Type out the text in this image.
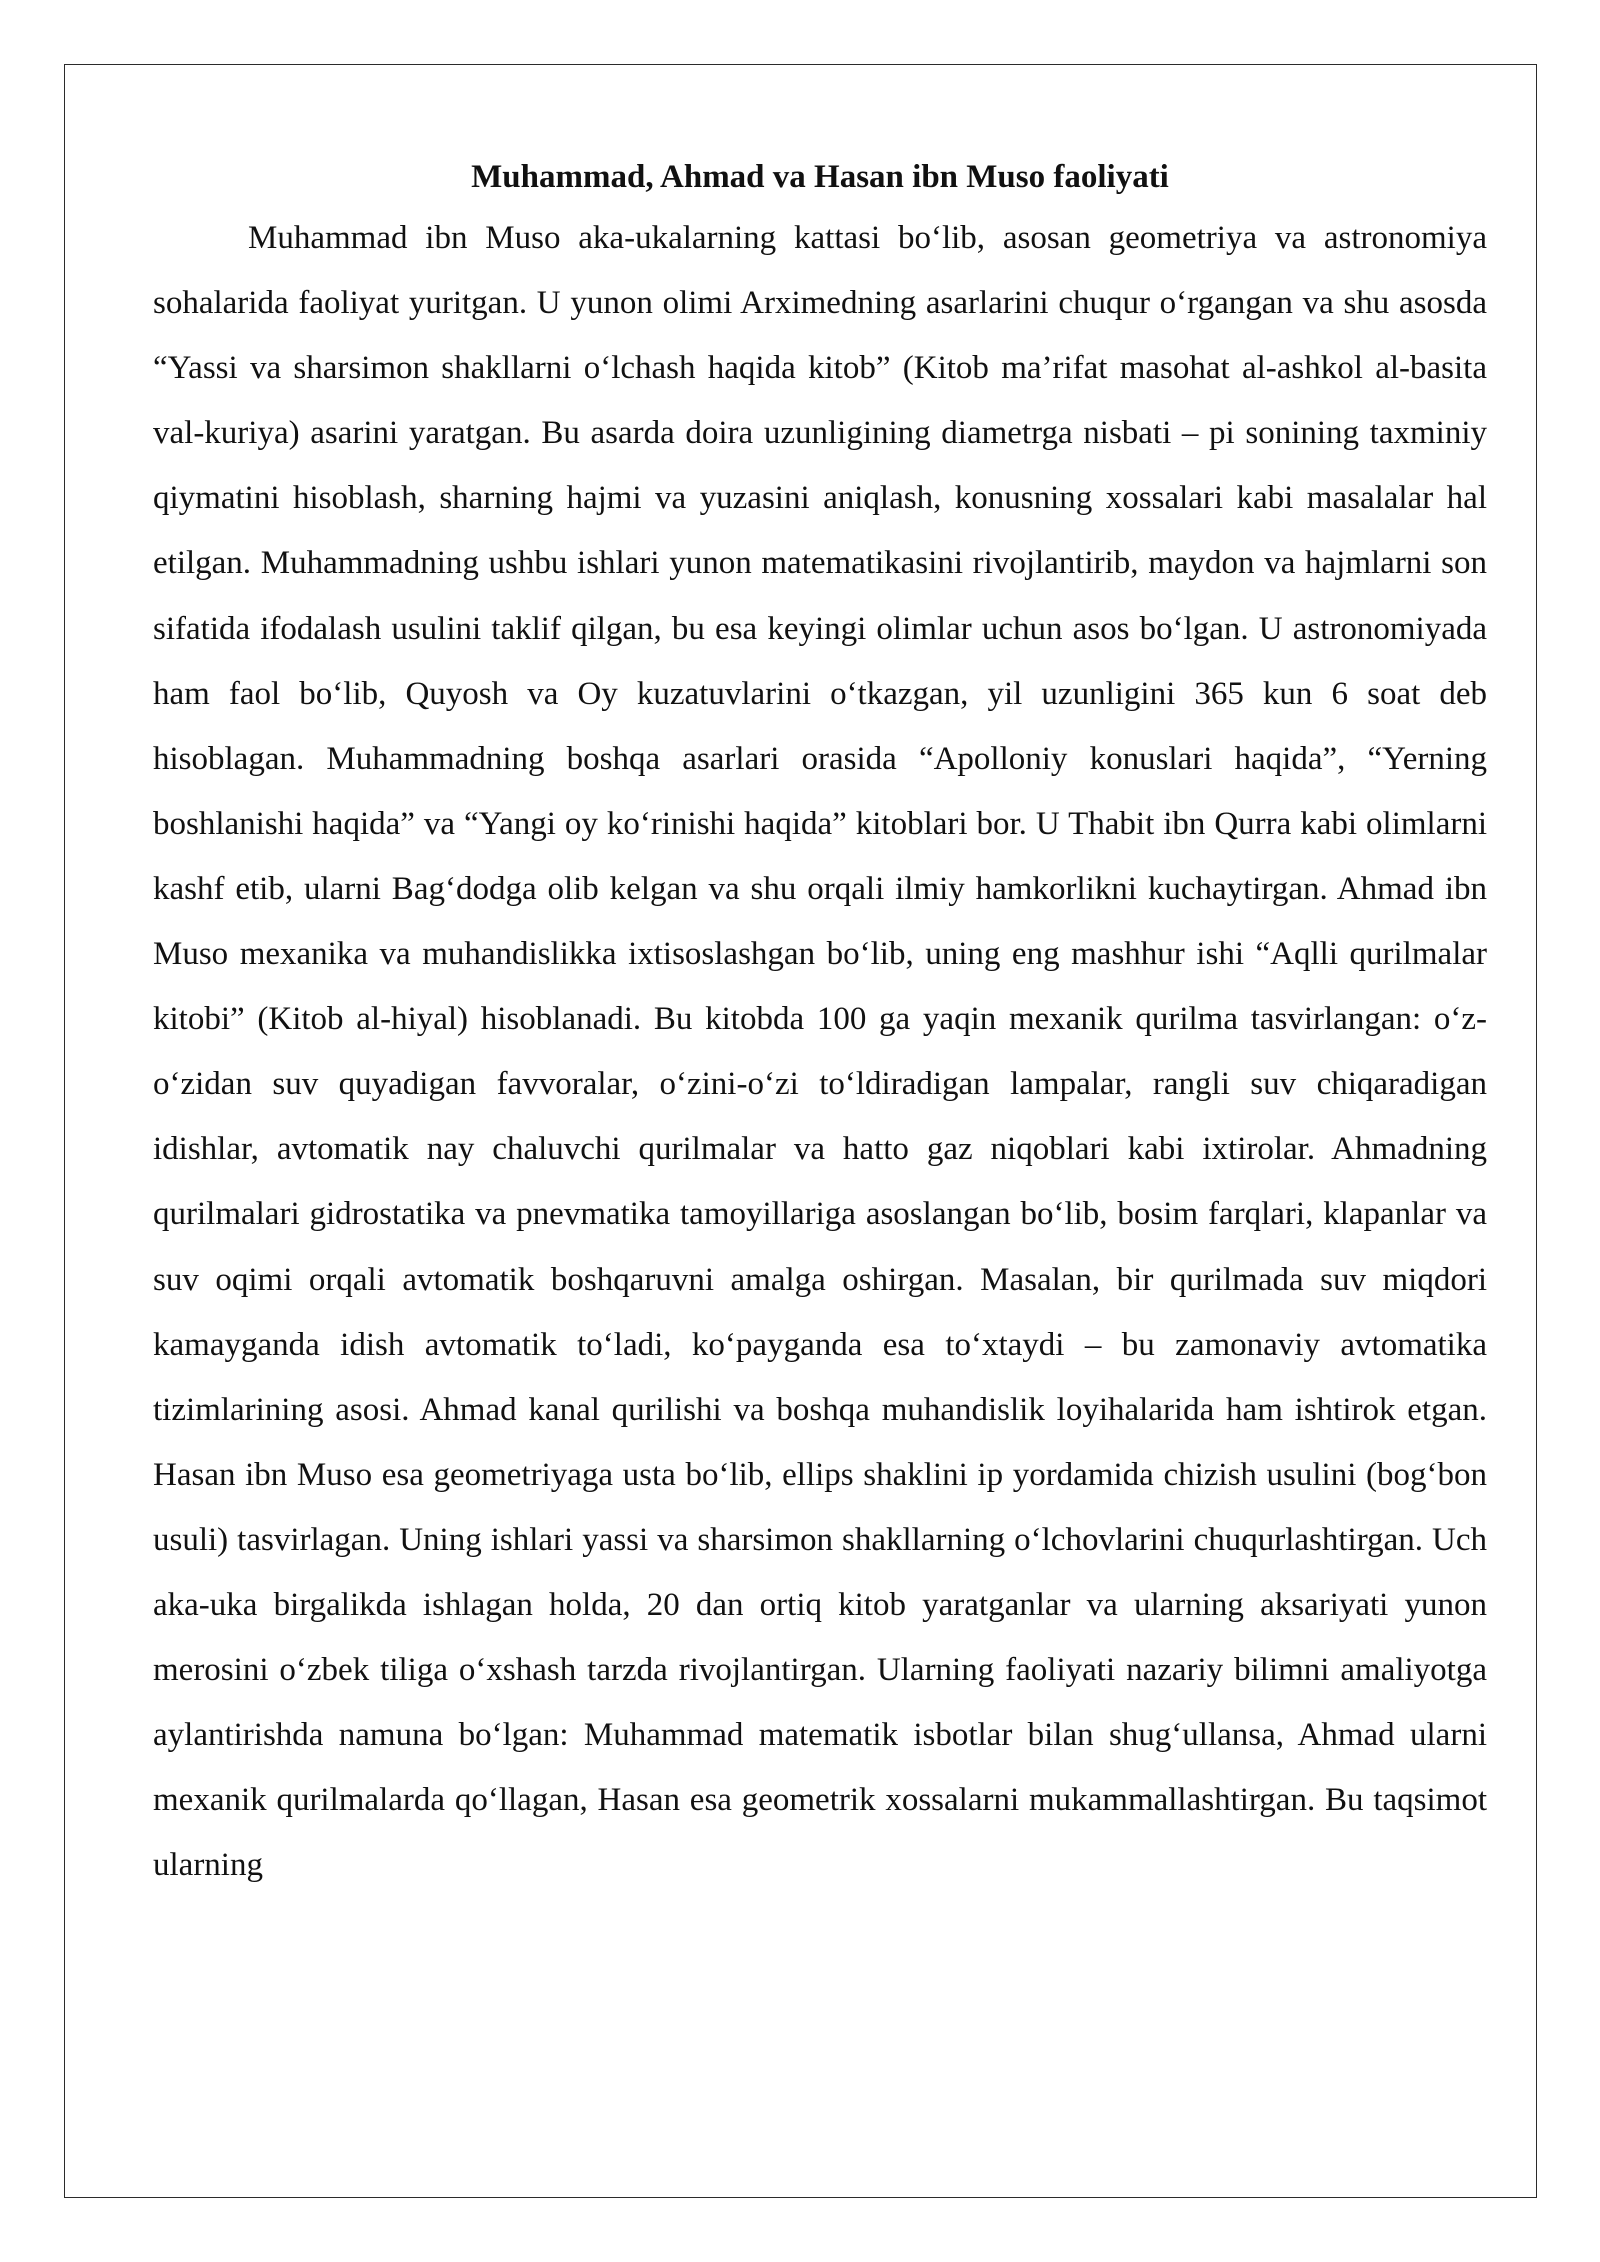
Muhammad, Ahmad va Hasan ibn Muso faoliyati

Muhammad ibn Muso aka-ukalarning kattasi bo‘lib, asosan geometriya va astronomiya sohalarida faoliyat yuritgan. U yunon olimi Arximedning asarlarini chuqur o‘rgangan va shu asosda “Yassi va sharsimon shakllarni o‘lchash haqida kitob” (Kitob ma’rifat masohat al-ashkol al-basita val-kuriya) asarini yaratgan. Bu asarda doira uzunligining diametrga nisbati – pi sonining taxminiy qiymatini hisoblash, sharning hajmi va yuzasini aniqlash, konusning xossalari kabi masalalar hal etilgan. Muhammadning ushbu ishlari yunon matematikasini rivojlantirib, maydon va hajmlarni son sifatida ifodalash usulini taklif qilgan, bu esa keyingi olimlar uchun asos bo‘lgan. U astronomiyada ham faol bo‘lib, Quyosh va Oy kuzatuvlarini o‘tkazgan, yil uzunligini 365 kun 6 soat deb hisoblagan. Muhammadning boshqa asarlari orasida “Apolloniy konuslari haqida”, “Yerning boshlanishi haqida” va “Yangi oy ko‘rinishi haqida” kitoblari bor. U Thabit ibn Qurra kabi olimlarni kashf etib, ularni Bag‘dodga olib kelgan va shu orqali ilmiy hamkorlikni kuchaytirgan. Ahmad ibn Muso mexanika va muhandislikka ixtisoslashgan bo‘lib, uning eng mashhur ishi “Aqlli qurilmalar kitobi” (Kitob al-hiyal) hisoblanadi. Bu kitobda 100 ga yaqin mexanik qurilma tasvirlangan: o‘z-o‘zidan suv quyadigan favvoralar, o‘zini-o‘zi to‘ldiradigan lampalar, rangli suv chiqaradigan idishlar, avtomatik nay chaluvchi qurilmalar va hatto gaz niqoblari kabi ixtirolar. Ahmadning qurilmalari gidrostatika va pnevmatika tamoyillariga asoslangan bo‘lib, bosim farqlari, klapanlar va suv oqimi orqali avtomatik boshqaruvni amalga oshirgan. Masalan, bir qurilmada suv miqdori kamayganda idish avtomatik to‘ladi, ko‘payganda esa to‘xtaydi – bu zamonaviy avtomatika tizimlarining asosi. Ahmad kanal qurilishi va boshqa muhandislik loyihalarida ham ishtirok etgan. Hasan ibn Muso esa geometriyaga usta bo‘lib, ellips shaklini ip yordamida chizish usulini (bog‘bon usuli) tasvirlagan. Uning ishlari yassi va sharsimon shakllarning o‘lchovlarini chuqurlashtirgan. Uch aka-uka birgalikda ishlagan holda, 20 dan ortiq kitob yaratganlar va ularning aksariyati yunon merosini o‘zbek tiliga o‘xshash tarzda rivojlantirgan. Ularning faoliyati nazariy bilimni amaliyotga aylantirishda namuna bo‘lgan: Muhammad matematik isbotlar bilan shug‘ullansa, Ahmad ularni mexanik qurilmalarda qo‘llagan, Hasan esa geometrik xossalarni mukammallashtirgan. Bu taqsimot ularning
